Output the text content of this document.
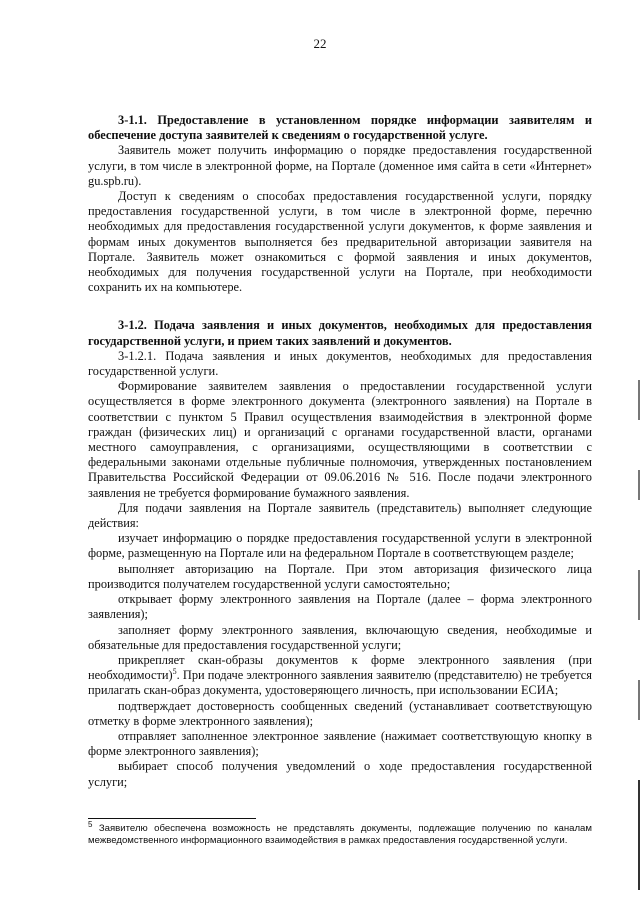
22

3-1.1. Предоставление в установленном порядке информации заявителям и обеспечение доступа заявителей к сведениям о государственной услуге.

Заявитель может получить информацию о порядке предоставления государственной услуги, в том числе в электронной форме, на Портале (доменное имя сайта в сети «Интернет» gu.spb.ru).

Доступ к сведениям о способах предоставления государственной услуги, порядку предоставления государственной услуги, в том числе в электронной форме, перечню необходимых для предоставления государственной услуги документов, к форме заявления и формам иных документов выполняется без предварительной авторизации заявителя на Портале. Заявитель может ознакомиться с формой заявления и иных документов, необходимых для получения государственной услуги на Портале, при необходимости сохранить их на компьютере.

3-1.2. Подача заявления и иных документов, необходимых для предоставления государственной услуги, и прием таких заявлений и документов.

3-1.2.1. Подача заявления и иных документов, необходимых для предоставления государственной услуги.

Формирование заявителем заявления о предоставлении государственной услуги осуществляется в форме электронного документа (электронного заявления) на Портале в соответствии с пунктом 5 Правил осуществления взаимодействия в электронной форме граждан (физических лиц) и организаций с органами государственной власти, органами местного самоуправления, с организациями, осуществляющими в соответствии с федеральными законами отдельные публичные полномочия, утвержденных постановлением Правительства Российской Федерации от 09.06.2016 № 516. После подачи электронного заявления не требуется формирование бумажного заявления.

Для подачи заявления на Портале заявитель (представитель) выполняет следующие действия:

изучает информацию о порядке предоставления государственной услуги в электронной форме, размещенную на Портале или на федеральном Портале в соответствующем разделе;

выполняет авторизацию на Портале. При этом авторизация физического лица производится получателем государственной услуги самостоятельно;

открывает форму электронного заявления на Портале (далее – форма электронного заявления);

заполняет форму электронного заявления, включающую сведения, необходимые и обязательные для предоставления государственной услуги;

прикрепляет скан-образы документов к форме электронного заявления (при необходимости)$^5$. При подаче электронного заявления заявителю (представителю) не требуется прилагать скан-образ документа, удостоверяющего личность, при использовании ЕСИА;

подтверждает достоверность сообщенных сведений (устанавливает соответствующую отметку в форме электронного заявления);

отправляет заполненное электронное заявление (нажимает соответствующую кнопку в форме электронного заявления);

выбирает способ получения уведомлений о ходе предоставления государственной услуги;

$^5$ Заявителю обеспечена возможность не представлять документы, подлежащие получению по каналам межведомственного информационного взаимодействия в рамках предоставления государственной услуги.
